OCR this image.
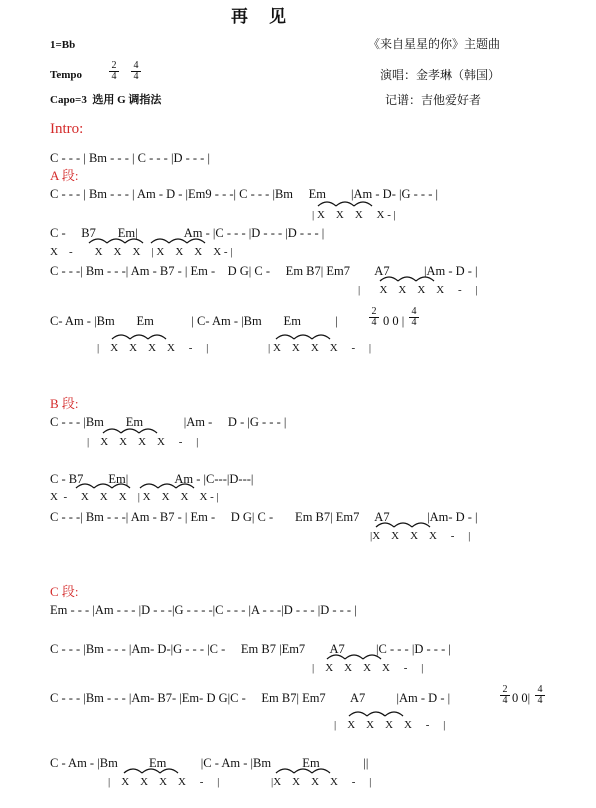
再　见
1=Bb
Tempo
2
4
4
4
Capo=3  选用 G 调指法
《来自星星的你》主题曲
演唱：金孝琳（韩国）
记谱：吉他爱好者
Intro:
C - - - | Bm - - - | C - - - |D - - - |
A 段:
C - - - | Bm - - - | Am - D - |Em9 - - -| C - - - |Bm     Em        |Am - D- |G - - - |
| X    X    X     X - |
C -     B7       Em|               Am - |C - - - |D - - - |D - - - |
X    -        X    X    X    | X    X    X    X - |
C - - -| Bm - - -| Am - B7 - | Em -    D G| C -     Em B7| Em7        A7           |Am - D - |
|       X    X    X    X     -     |
C- Am - |Bm       Em            | C- Am - |Bm       Em           |
2
4 0 0 |
4
4
|    X    X    X    X     -     |	| X    X    X    X     -     |
B 段:
C - - - |Bm       Em             |Am -     D - |G - - - |
|    X    X    X    X     -     |
C - B7        Em|               Am - |C---|D---|
X  -     X    X    X    | X    X    X    X - |
C - - -| Bm - - -| Am - B7 - | Em -     D G| C -       Em B7| Em7     A7            |Am- D - |
|X    X    X    X     -     |
C 段:
Em - - - |Am - - - |D - - -|G - - - -|C - - - |A - - -|D - - - |D - - - |
C - - - |Bm - - - |Am- D-|G - - - |C -     Em B7 |Em7        A7          |C - - - |D - - - |
|    X    X    X    X     -     |
C - - - |Bm - - - |Am- B7- |Em- D G|C -     Em B7| Em7        A7          |Am - D - |
2
4 0 0|
4
4
|    X    X    X    X     -     |
C - Am - |Bm          Em           |C - Am - |Bm          Em              ||
|    X    X    X    X     -     |	|X    X    X    X     -     |
